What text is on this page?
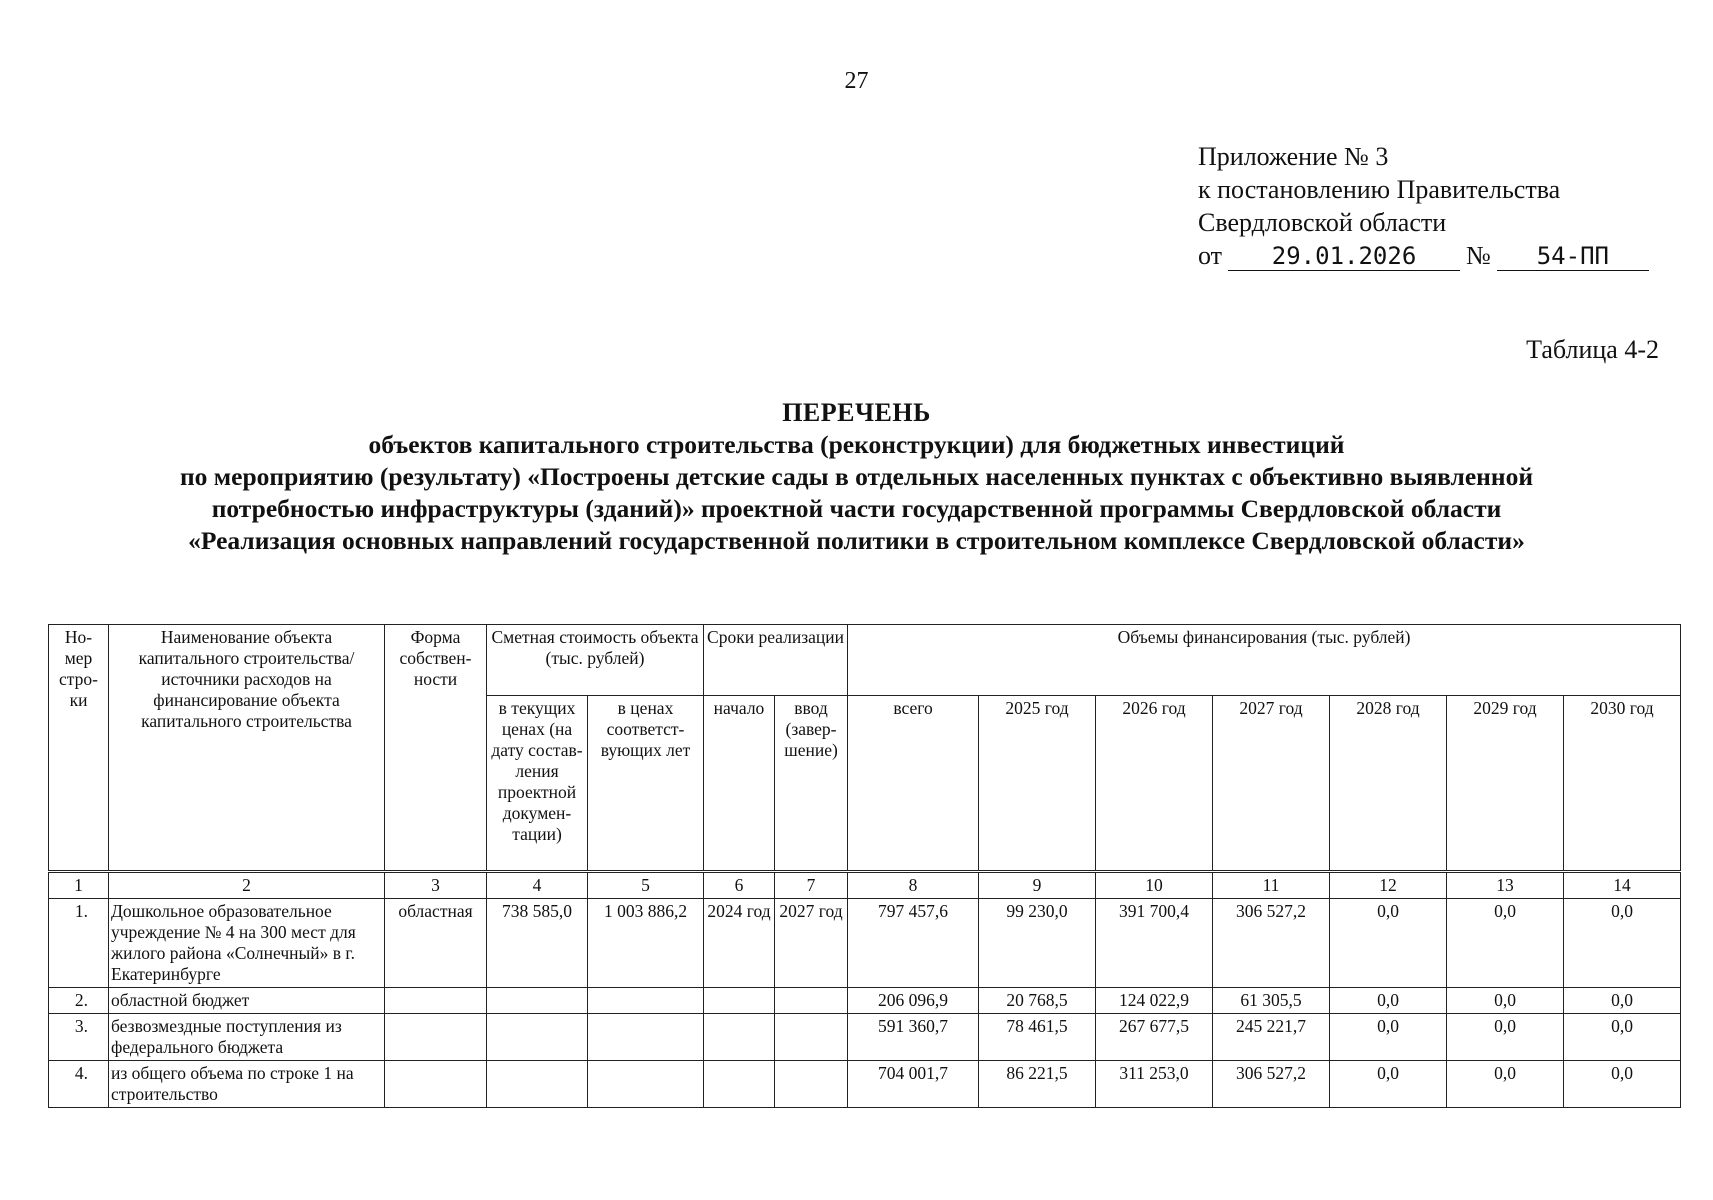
27
Приложение № 3
к постановлению Правительства
Свердловской области
от 29.01.2026 № 54-ПП
Таблица 4-2
ПЕРЕЧЕНЬ
объектов капитального строительства (реконструкции) для бюджетных инвестиций
по мероприятию (результату) «Построены детские сады в отдельных населенных пунктах с объективно выявленной
потребностью инфраструктуры (зданий)» проектной части государственной программы Свердловской области
«Реализация основных направлений государственной политики в строительном комплексе Свердловской области»
Но-мер стро-ки	Наименование объекта капитального строительства/ источники расходов на финансирование объекта капитального строительства	Форма собствен-ности	Сметная стоимость объекта (тыс. рублей)		Сроки реализации		Объемы финансирования (тыс. рублей)						
			в текущих ценах (на дату состав-ления проектной докумен-тации)	в ценах соответст-вующих лет	начало	ввод (завер-шение)	всего	2025 год	2026 год	2027 год	2028 год	2029 год	2030 год
1	2	3	4	5	6	7	8	9	10	11	12	13	14
1.	Дошкольное образовательное учреждение № 4 на 300 мест для жилого района «Солнечный» в г. Екатеринбурге	областная	738 585,0	1 003 886,2	2024 год	2027 год	797 457,6	99 230,0	391 700,4	306 527,2	0,0	0,0	0,0
2.	областной бюджет						206 096,9	20 768,5	124 022,9	61 305,5	0,0	0,0	0,0
3.	безвозмездные поступления из федерального бюджета						591 360,7	78 461,5	267 677,5	245 221,7	0,0	0,0	0,0
4.	из общего объема по строке 1 на строительство						704 001,7	86 221,5	311 253,0	306 527,2	0,0	0,0	0,0
